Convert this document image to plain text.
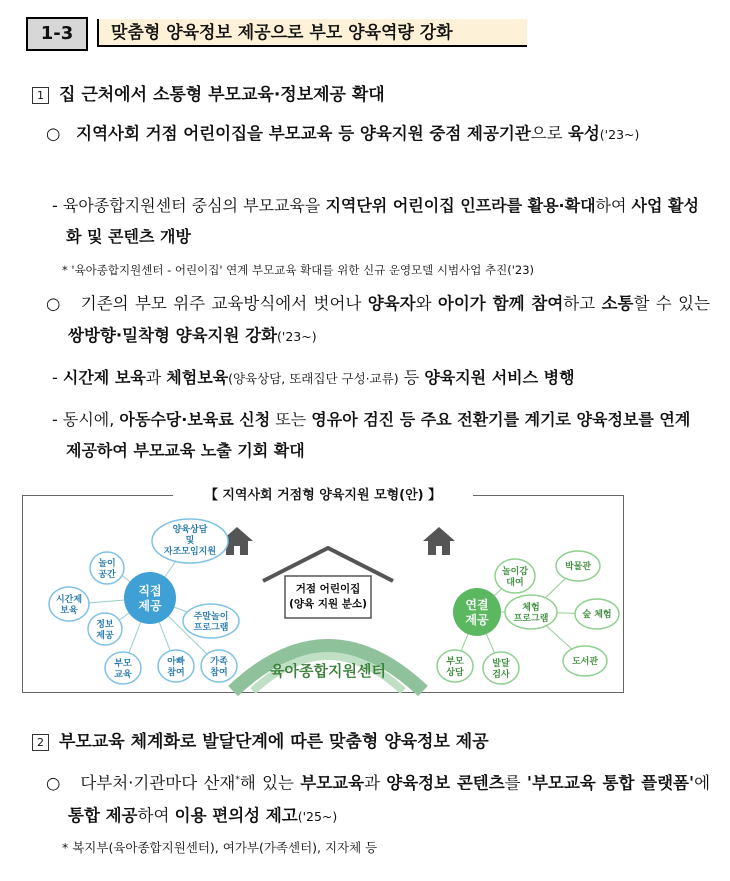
1-3	맞춤형 양육정보 제공으로 부모 양육역량 강화
1 집 근처에서 소통형 부모교육·정보제공 확대
○ 지역사회 거점 어린이집을 부모교육 등 양육지원 중점 제공기관으로 육성('23~)
- 육아종합지원센터 중심의 부모교육을 지역단위 어린이집 인프라를 활용·확대하여 사업 활성화 및 콘텐츠 개방
* '육아종합지원센터 - 어린이집' 연계 부모교육 확대를 위한 신규 운영모델 시범사업 추진('23)
○ 기존의 부모 위주 교육방식에서 벗어나 양육자와 아이가 함께 참여하고 소통할 수 있는 쌍방향·밀착형 양육지원 강화('23~)
- 시간제 보육과 체험보육(양육상담, 또래집단 구성·교류) 등 양육지원 서비스 병행
- 동시에, 아동수당·보육료 신청 또는 영유아 검진 등 주요 전환기를 계기로 양육정보를 연계 제공하여 부모교육 노출 기회 확대
【 지역사회 거점형 양육지원 모형(안) 】
거점 어린이집
(양육 지원 분소)
육아종합지원센터
직접
제공	연결
제공
양육상담
및
자조모임지원
놀이
공간
시간제
보육
정보
제공
부모
교육
주말놀이
프로그램
아빠
참여
가족
참여
놀이감
대여
체험
프로그램
부모
상담
발달
검사
박물관
숲 체험
도서관
2 부모교육 체계화로 발달단계에 따른 맞춤형 양육정보 제공
○ 다부처·기관마다 산재*해 있는 부모교육과 양육정보 콘텐츠를 '부모교육 통합 플랫폼'에 통합 제공하여 이용 편의성 제고('25~)
* 복지부(육아종합지원센터), 여가부(가족센터), 지자체 등
